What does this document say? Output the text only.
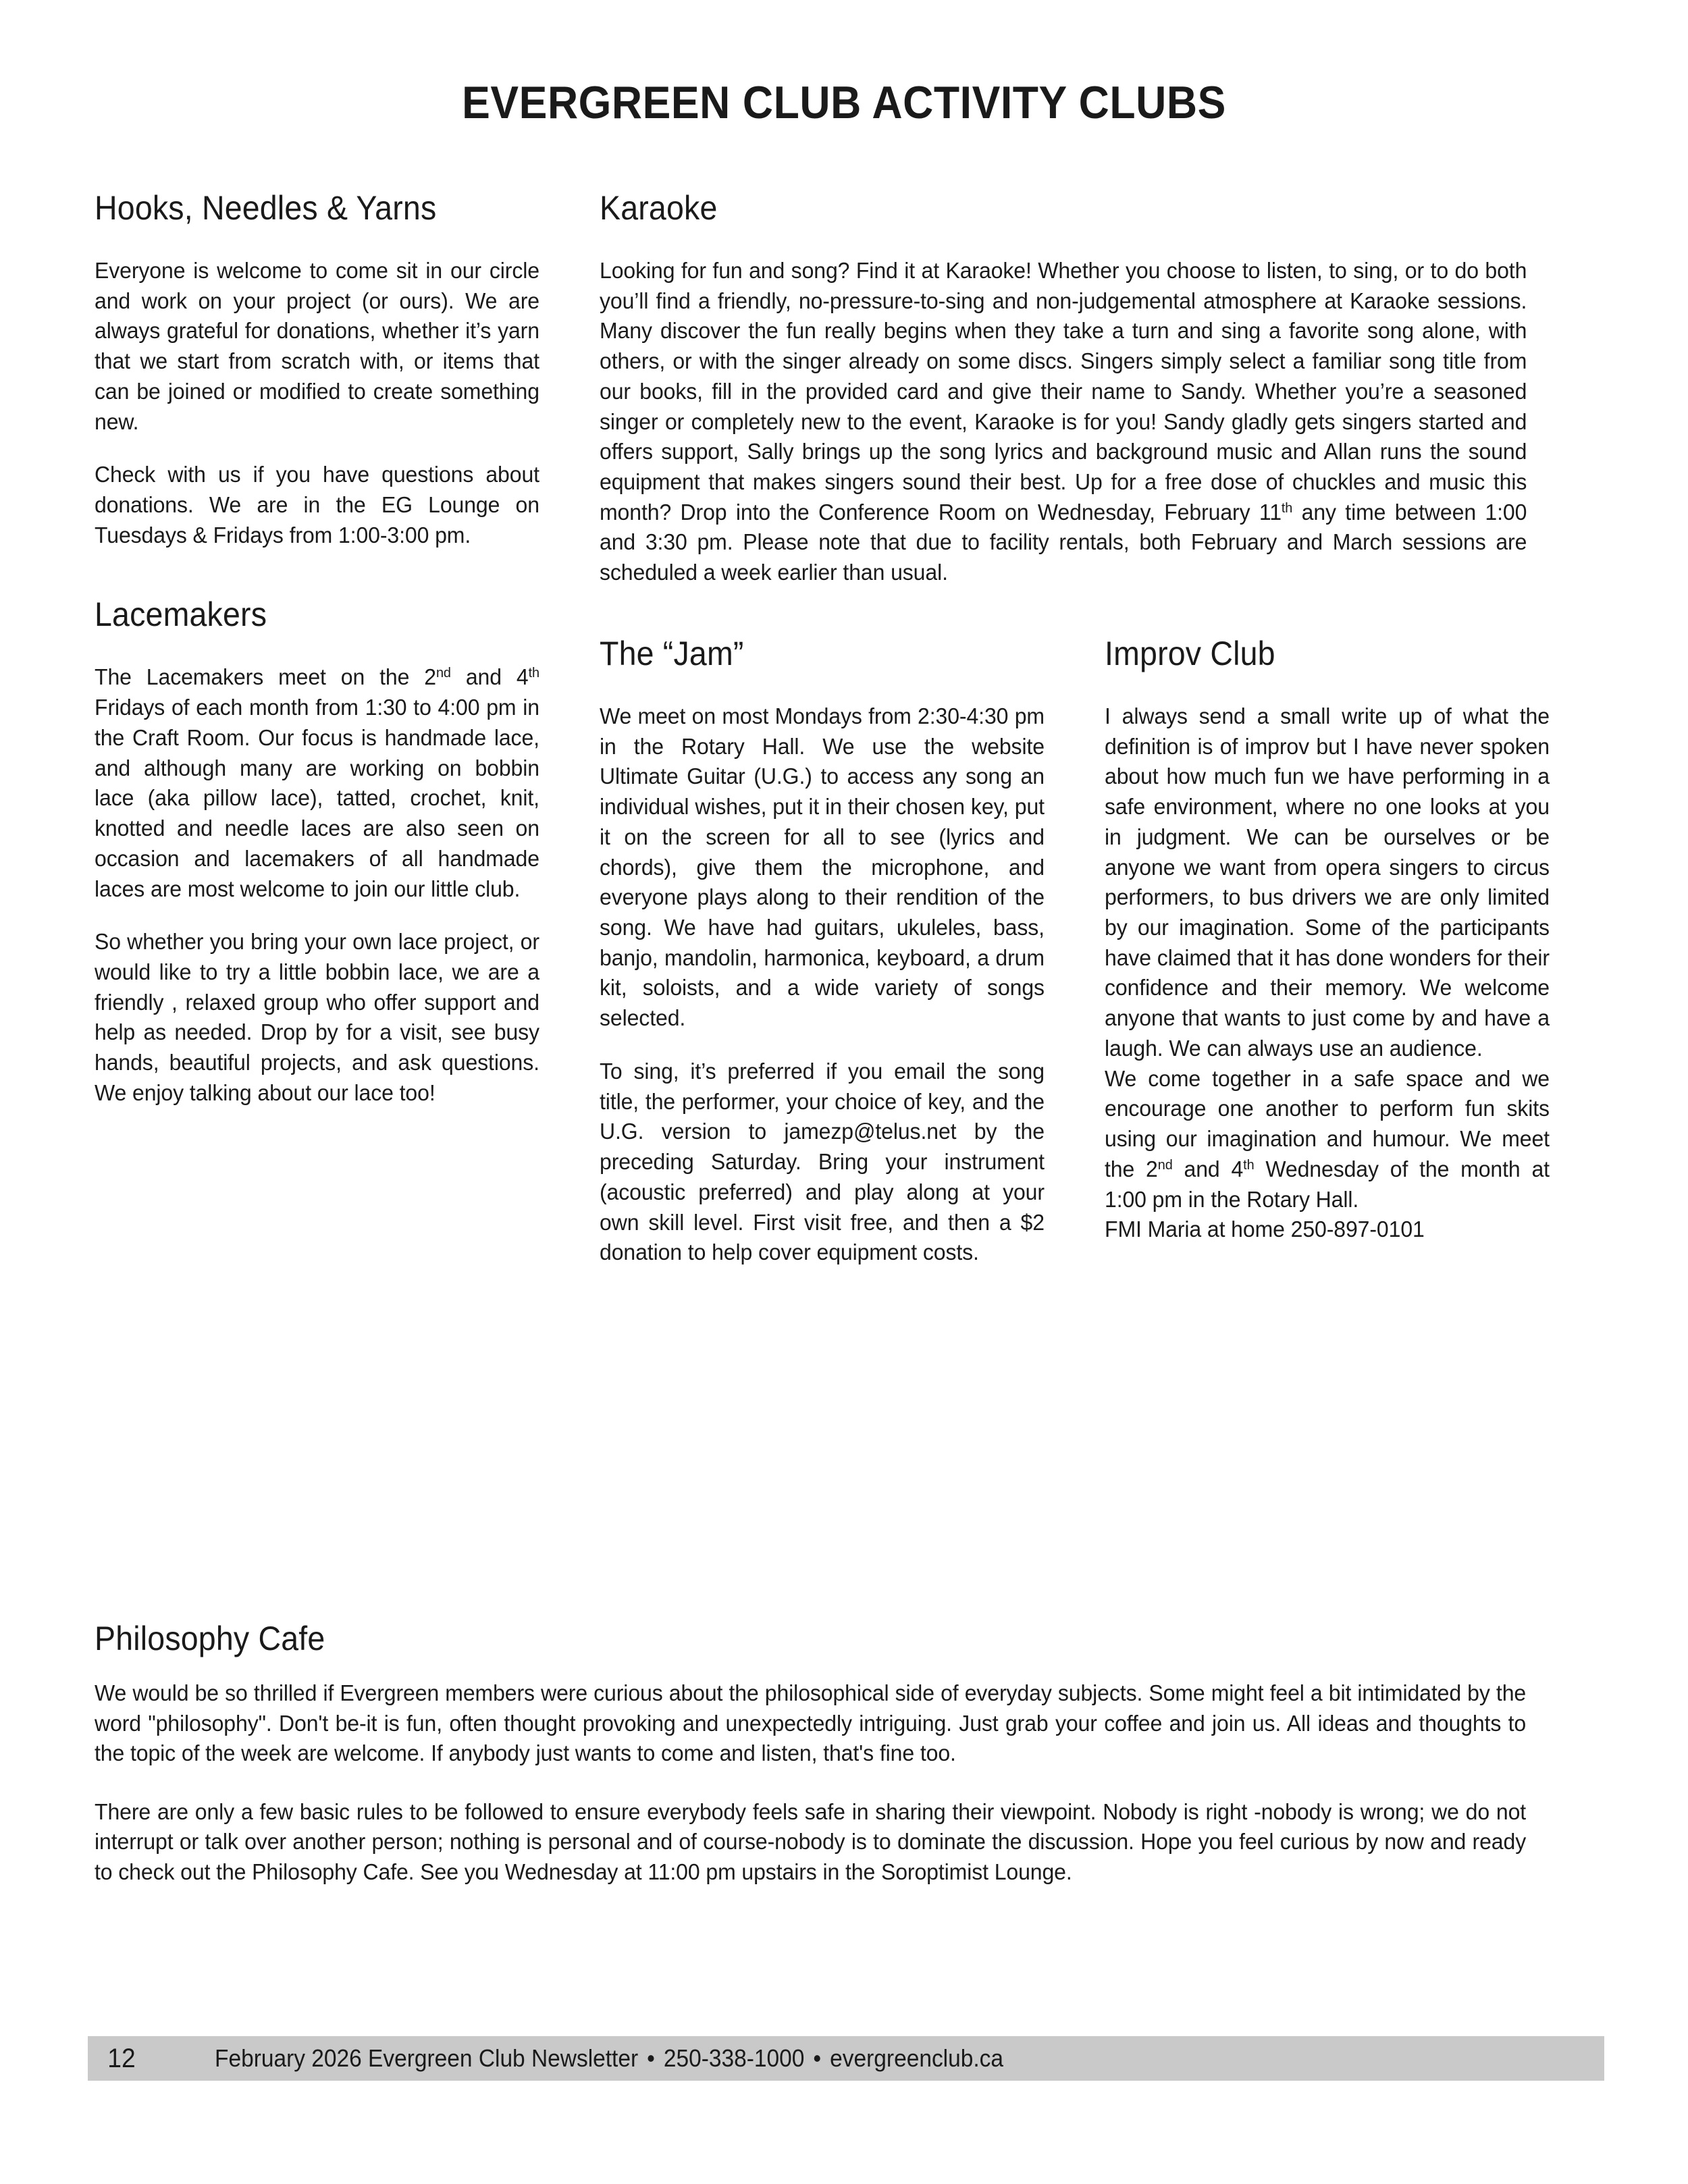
EVERGREEN CLUB ACTIVITY CLUBS
Hooks, Needles & Yarns

Everyone is welcome to come sit in our circle and work on your project (or ours). We are always grateful for donations, whether it’s yarn that we start from scratch with, or items that can be joined or modified to create something new.

Check with us if you have questions about donations. We are in the EG Lounge on Tuesdays & Fridays from 1:00-3:00 pm.

Lacemakers

The Lacemakers meet on the 2nd and 4th Fridays of each month from 1:30 to 4:00 pm in the Craft Room. Our focus is handmade lace, and although many are working on bobbin lace (aka pillow lace), tatted, crochet, knit, knotted and needle laces are also seen on occasion and lacemakers of all handmade laces are most welcome to join our little club.

So whether you bring your own lace project, or would like to try a little bobbin lace, we are a friendly , relaxed group who offer support and help as needed. Drop by for a visit, see busy hands, beautiful projects, and ask questions. We enjoy talking about our lace too!

Karaoke

Looking for fun and song? Find it at Karaoke! Whether you choose to listen, to sing, or to do both you’ll find a friendly, no-pressure-to-sing and non-judgemental atmosphere at Karaoke sessions. Many discover the fun really begins when they take a turn and sing a favorite song alone, with others, or with the singer already on some discs. Singers simply select a familiar song title from our books, fill in the provided card and give their name to Sandy. Whether you’re a seasoned singer or completely new to the event, Karaoke is for you! Sandy gladly gets singers started and offers support, Sally brings up the song lyrics and background music and Allan runs the sound equipment that makes singers sound their best. Up for a free dose of chuckles and music this month? Drop into the Conference Room on Wednesday, February 11th any time between 1:00 and 3:30 pm. Please note that due to facility rentals, both February and March sessions are scheduled a week earlier than usual.

The “Jam”

We meet on most Mondays from 2:30-4:30 pm in the Rotary Hall. We use the website Ultimate Guitar (U.G.) to access any song an individual wishes, put it in their chosen key, put it on the screen for all to see (lyrics and chords), give them the microphone, and everyone plays along to their rendition of the song. We have had guitars, ukuleles, bass, banjo, mandolin, harmonica, keyboard, a drum kit, soloists, and a wide variety of songs selected.

To sing, it’s preferred if you email the song title, the performer, your choice of key, and the U.G. version to jamezp@telus.net by the preceding Saturday. Bring your instrument (acoustic preferred) and play along at your own skill level. First visit free, and then a $2 donation to help cover equipment costs.

Improv Club

I always send a small write up of what the definition is of improv but I have never spoken about how much fun we have performing in a safe environment, where no one looks at you in judgment. We can be ourselves or be anyone we want from opera singers to circus performers, to bus drivers we are only limited by our imagination. Some of the participants have claimed that it has done wonders for their confidence and their memory. We welcome anyone that wants to just come by and have a laugh. We can always use an audience.

We come together in a safe space and we encourage one another to perform fun skits using our imagination and humour. We meet the 2nd and 4th Wednesday of the month at 1:00 pm in the Rotary Hall.

FMI Maria at home 250-897-0101

Philosophy Cafe

We would be so thrilled if Evergreen members were curious about the philosophical side of everyday subjects. Some might feel a bit intimidated by the word "philosophy". Don't be-it is fun, often thought provoking and unexpectedly intriguing. Just grab your coffee and join us. All ideas and thoughts to the topic of the week are welcome. If anybody just wants to come and listen, that's fine too.

There are only a few basic rules to be followed to ensure everybody feels safe in sharing their viewpoint. Nobody is right -nobody is wrong; we do not interrupt or talk over another person; nothing is personal and of course-nobody is to dominate the discussion. Hope you feel curious by now and ready to check out the Philosophy Cafe. See you Wednesday at 11:00 pm upstairs in the Soroptimist Lounge.

12	February 2026 Evergreen Club Newsletter • 250-338-1000 • evergreenclub.ca
